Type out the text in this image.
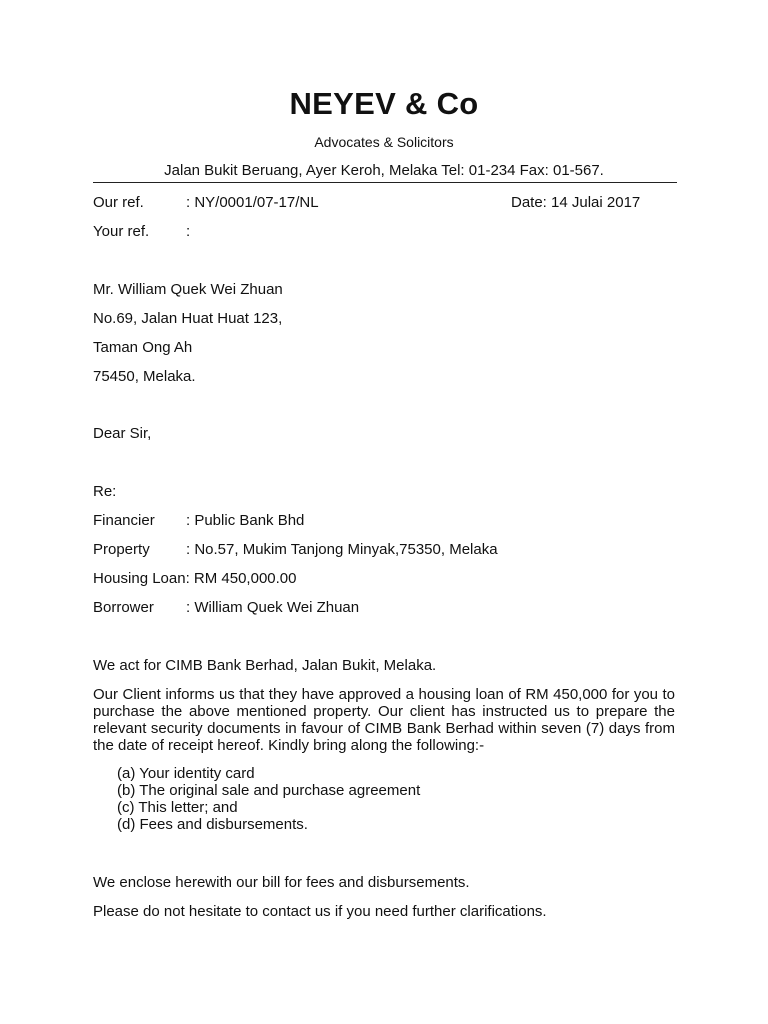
NEYEV & Co
Advocates & Solicitors
Jalan Bukit Beruang, Ayer Keroh, Melaka Tel: 01-234 Fax: 01-567.
Our ref.	: NY/0001/07-17/NL	Date: 14 Julai 2017
Your ref. :
Mr. William Quek Wei Zhuan
No.69, Jalan Huat Huat 123,
Taman Ong Ah
75450, Melaka.
Dear Sir,
Re:
Financier : Public Bank Bhd
Property : No.57, Mukim Tanjong Minyak,75350, Melaka
Housing Loan: RM 450,000.00
Borrower : William Quek Wei Zhuan
We act for CIMB Bank Berhad, Jalan Bukit, Melaka.
Our Client informs us that they have approved a housing loan of RM 450,000 for you to purchase the above mentioned property. Our client has instructed us to prepare the relevant security documents in favour of CIMB Bank Berhad within seven (7) days from the date of receipt hereof. Kindly bring along the following:-
(a) Your identity card
(b) The original sale and purchase agreement
(c) This letter; and
(d) Fees and disbursements.
We enclose herewith our bill for fees and disbursements.
Please do not hesitate to contact us if you need further clarifications.
